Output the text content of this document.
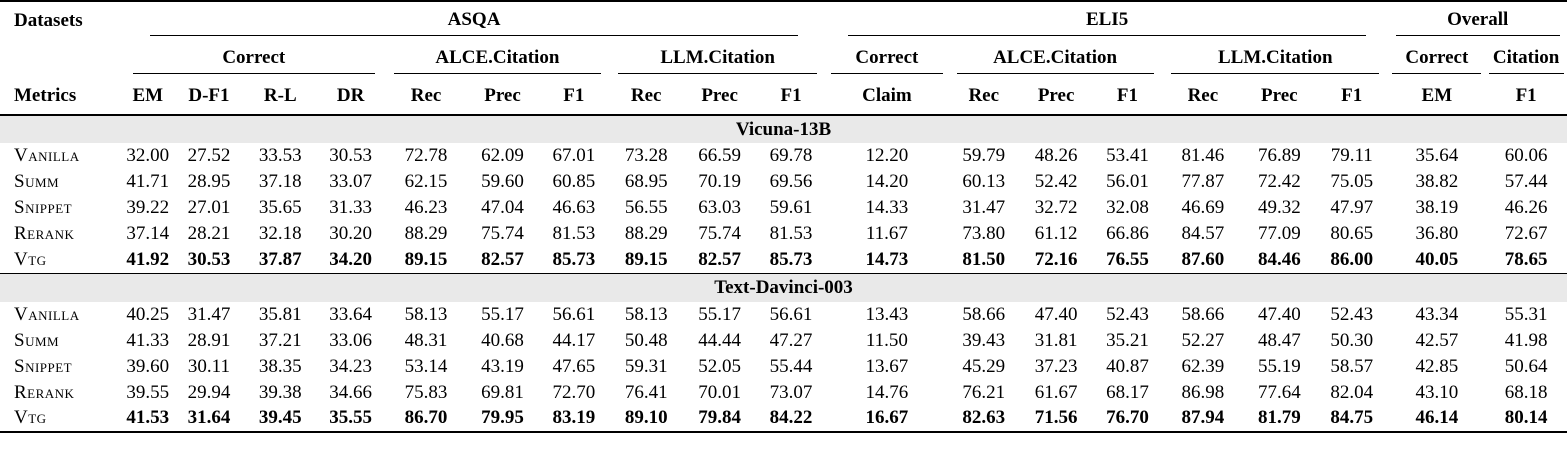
Datasets	ASQA										ELI5							Overall	
	Correct				ALCE.Citation			LLM.Citation			Correct	ALCE.Citation			LLM.Citation			Correct	Citation
Metrics	EM	D-F1	R-L	DR	Rec	Prec	F1	Rec	Prec	F1	Claim	Rec	Prec	F1	Rec	Prec	F1	EM	F1
Vicuna-13B																			
Vanilla	32.00	27.52	33.53	30.53	72.78	62.09	67.01	73.28	66.59	69.78	12.20	59.79	48.26	53.41	81.46	76.89	79.11	35.64	60.06
Summ	41.71	28.95	37.18	33.07	62.15	59.60	60.85	68.95	70.19	69.56	14.20	60.13	52.42	56.01	77.87	72.42	75.05	38.82	57.44
Snippet	39.22	27.01	35.65	31.33	46.23	47.04	46.63	56.55	63.03	59.61	14.33	31.47	32.72	32.08	46.69	49.32	47.97	38.19	46.26
Rerank	37.14	28.21	32.18	30.20	88.29	75.74	81.53	88.29	75.74	81.53	11.67	73.80	61.12	66.86	84.57	77.09	80.65	36.80	72.67
Vtg	41.92	30.53	37.87	34.20	89.15	82.57	85.73	89.15	82.57	85.73	14.73	81.50	72.16	76.55	87.60	84.46	86.00	40.05	78.65

Text-Davinci-003																			
Vanilla	40.25	31.47	35.81	33.64	58.13	55.17	56.61	58.13	55.17	56.61	13.43	58.66	47.40	52.43	58.66	47.40	52.43	43.34	55.31
Summ	41.33	28.91	37.21	33.06	48.31	40.68	44.17	50.48	44.44	47.27	11.50	39.43	31.81	35.21	52.27	48.47	50.30	42.57	41.98
Snippet	39.60	30.11	38.35	34.23	53.14	43.19	47.65	59.31	52.05	55.44	13.67	45.29	37.23	40.87	62.39	55.19	58.57	42.85	50.64
Rerank	39.55	29.94	39.38	34.66	75.83	69.81	72.70	76.41	70.01	73.07	14.76	76.21	61.67	68.17	86.98	77.64	82.04	43.10	68.18
Vtg	41.53	31.64	39.45	35.55	86.70	79.95	83.19	89.10	79.84	84.22	16.67	82.63	71.56	76.70	87.94	81.79	84.75	46.14	80.14
